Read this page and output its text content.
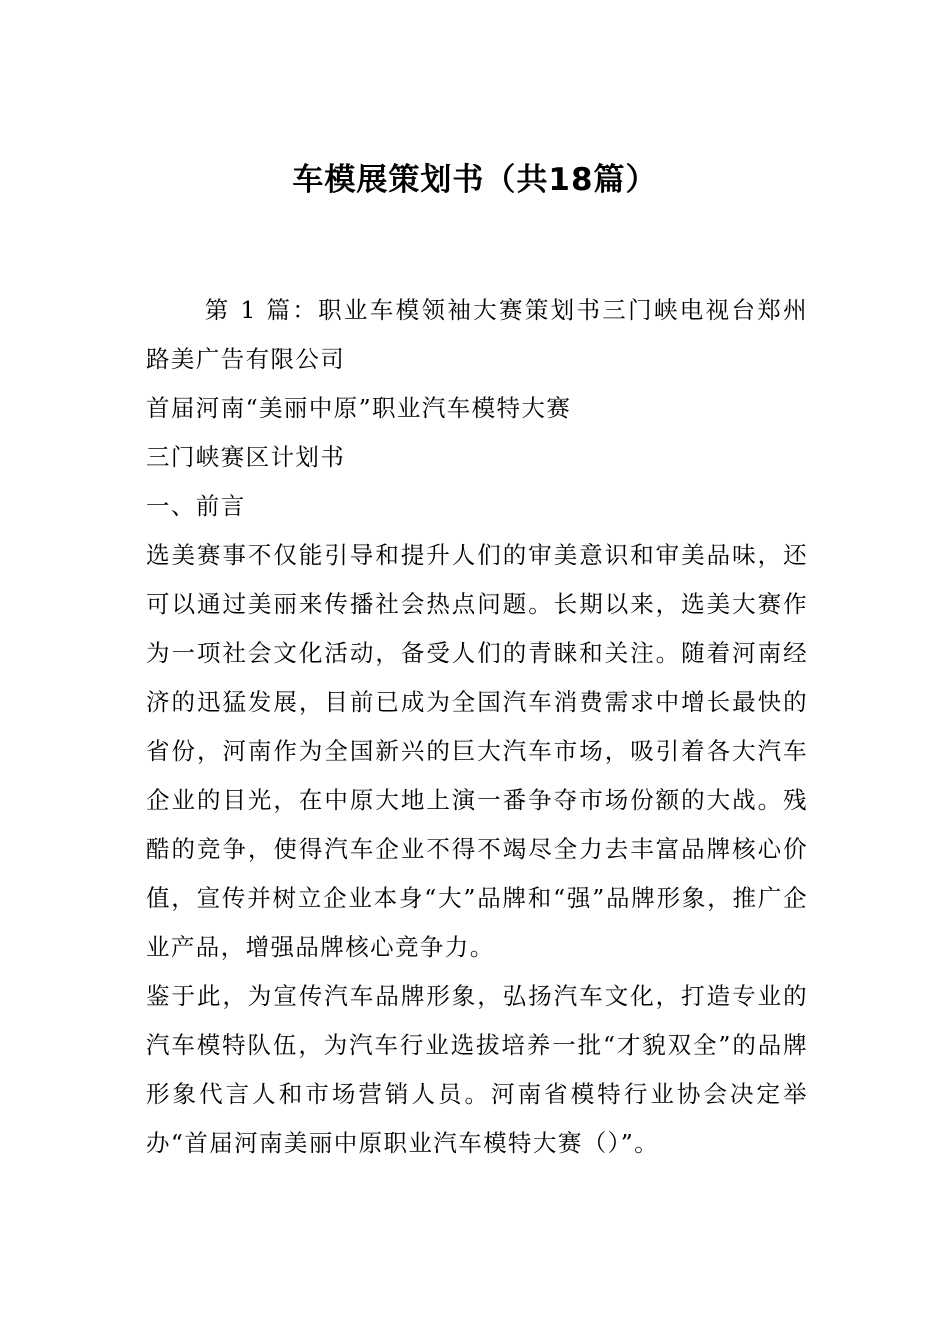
车模展策划书（共18篇）

第 1 篇：职业车模领袖大赛策划书三门峡电视台郑州路美广告有限公司

首届河南“美丽中原”职业汽车模特大赛

三门峡赛区计划书

一、前言

选美赛事不仅能引导和提升人们的审美意识和审美品味，还可以通过美丽来传播社会热点问题。长期以来，选美大赛作为一项社会文化活动，备受人们的青睐和关注。随着河南经济的迅猛发展，目前已成为全国汽车消费需求中增长最快的省份，河南作为全国新兴的巨大汽车市场，吸引着各大汽车企业的目光，在中原大地上演一番争夺市场份额的大战。残酷的竞争，使得汽车企业不得不竭尽全力去丰富品牌核心价值，宣传并树立企业本身“大”品牌和“强”品牌形象，推广企业产品，增强品牌核心竞争力。

鉴于此，为宣传汽车品牌形象，弘扬汽车文化，打造专业的汽车模特队伍，为汽车行业选拔培养一批“才貌双全”的品牌形象代言人和市场营销人员。河南省模特行业协会决定举办“首届河南美丽中原职业汽车模特大赛（）”。
